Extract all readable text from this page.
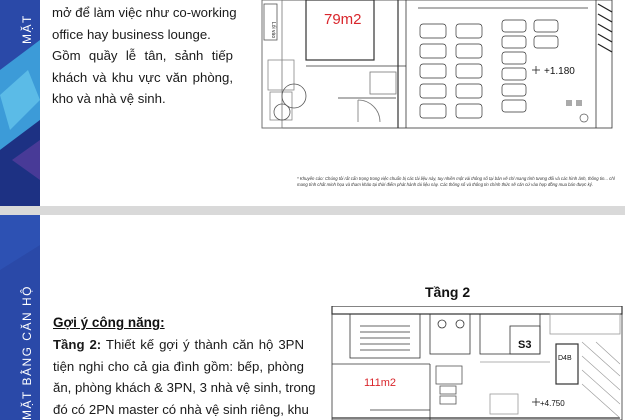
MẶT
mở để làm việc như co-working
office hay business lounge.
Gồm quầy lễ tân, sảnh tiếp
khách và khu vực văn phòng,
kho và nhà vệ sinh.
Lối vào
79m2
+1.180
* Khuyến cáo: Chúng tôi rất cẩn trọng trong việc chuẩn bị các tài liệu này, tuy nhiên một vài thông số tại bản vẽ chỉ mang tính tương đối và các hình ảnh, thông tin... chỉ mang tính chất minh họa và tham khảo tại thời điểm phát hành tài liệu này. Các thông số và thông tin chính thức sẽ căn cứ vào hợp đồng mua bán được ký.
MẶT BẰNG CĂN HỘ	S3
D4B
111m2
+4.750
Tầng 2
Gợi ý công năng:
Tầng 2: Thiết kế gợi ý thành căn hộ 3PN
tiện nghi cho cả gia đình gồm: bếp, phòng
ăn, phòng khách & 3PN, 3 nhà vệ sinh, trong
đó có 2PN master có nhà vệ sinh riêng, khu
